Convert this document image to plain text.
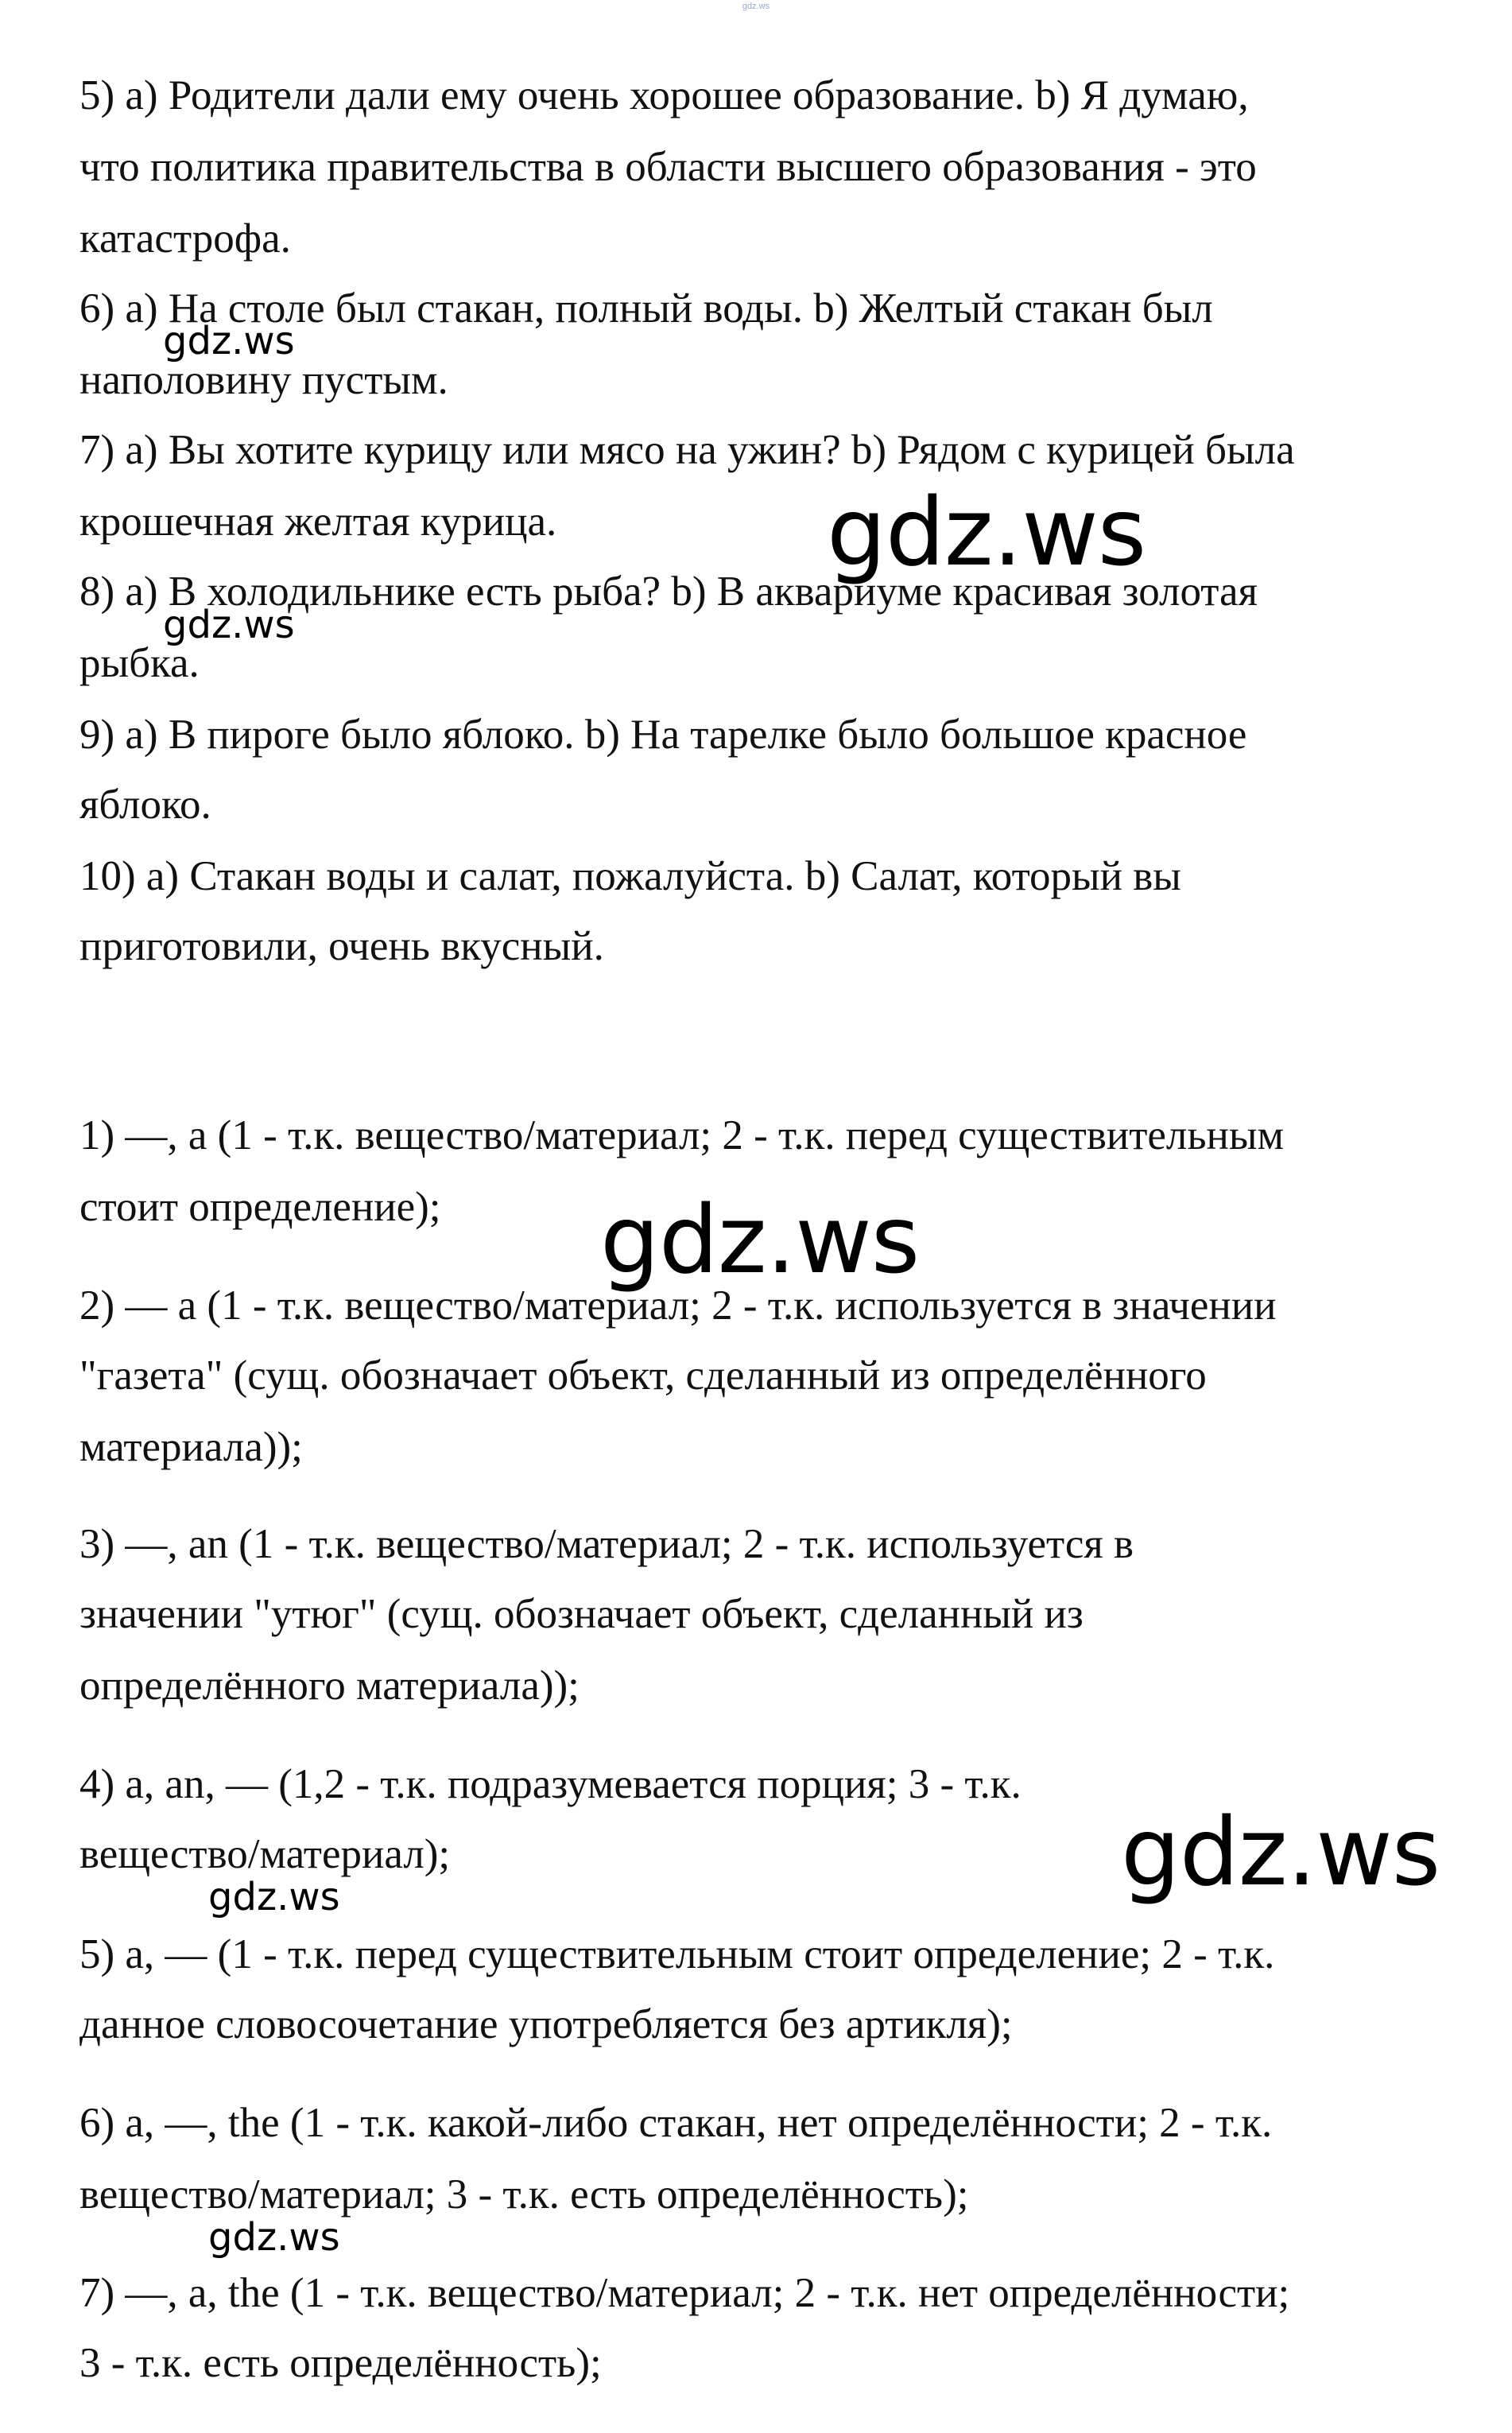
gdz.ws

5) a) Родители дали ему очень хорошее образование. b) Я думаю,

что политика правительства в области высшего образования - это

катастрофа.

6) a) На столе был стакан, полный воды. b) Желтый стакан был

наполовину пустым.

7) a) Вы хотите курицу или мясо на ужин? b) Рядом с курицей была

крошечная желтая курица.

8) a) В холодильнике есть рыба? b) В аквариуме красивая золотая

рыбка.

9) a) В пироге было яблоко. b) На тарелке было большое красное

яблоко.

10) a) Стакан воды и салат, пожалуйста. b) Салат, который вы

приготовили, очень вкусный.

1) —, a (1 - т.к. вещество/материал; 2 - т.к. перед существительным

стоит определение);

2) — a (1 - т.к. вещество/материал; 2 - т.к. используется в значении

"газета" (сущ. обозначает объект, сделанный из определённого

материала));

3) —, an (1 - т.к. вещество/материал; 2 - т.к. используется в

значении "утюг" (сущ. обозначает объект, сделанный из

определённого материала));

4) a, an, — (1,2 - т.к. подразумевается порция; 3 - т.к.

вещество/материал);

5) a, — (1 - т.к. перед существительным стоит определение; 2 - т.к.

данное словосочетание употребляется без артикля);

6) a, —, the (1 - т.к. какой-либо стакан, нет определённости; 2 - т.к.

вещество/материал; 3 - т.к. есть определённость);

7) —, a, the (1 - т.к. вещество/материал; 2 - т.к. нет определённости;

3 - т.к. есть определённость);

gdz.ws
gdz.ws
gdz.ws
gdz.ws
gdz.ws
gdz.ws
gdz.ws
